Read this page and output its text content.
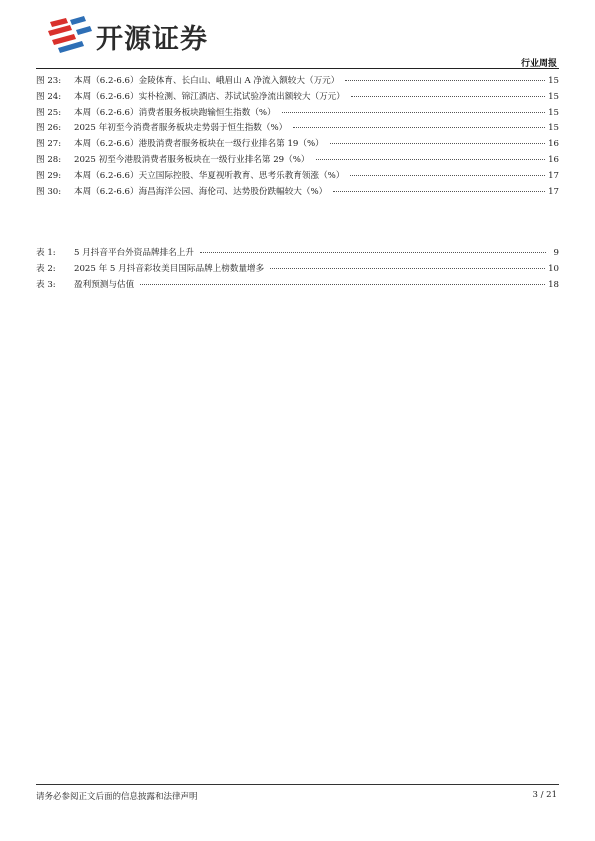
开源证券
行业周报
图 23:	本周（6.2-6.6）金陵体育、长白山、峨眉山 A 净流入额较大（万元）	15
图 24:	本周（6.2-6.6）实朴检测、锦江酒店、苏试试验净流出额较大（万元）	15
图 25:	本周（6.2-6.6）消费者服务板块跑输恒生指数（%）	15
图 26:	2025 年初至今消费者服务板块走势弱于恒生指数（%）	15
图 27:	本周（6.2-6.6）港股消费者服务板块在一级行业排名第 19（%）	16
图 28:	2025 初至今港股消费者服务板块在一级行业排名第 29（%）	16
图 29:	本周（6.2-6.6）天立国际控股、华夏视听教育、思考乐教育领涨（%）	17
图 30:	本周（6.2-6.6）海昌海洋公园、海伦司、达势股份跌幅较大（%）	17
表 1:	5 月抖音平台外资品牌排名上升	9
表 2:	2025 年 5 月抖音彩妆美目国际品牌上榜数量增多	10
表 3:	盈利预测与估值	18
请务必参阅正文后面的信息披露和法律声明	3 / 21
